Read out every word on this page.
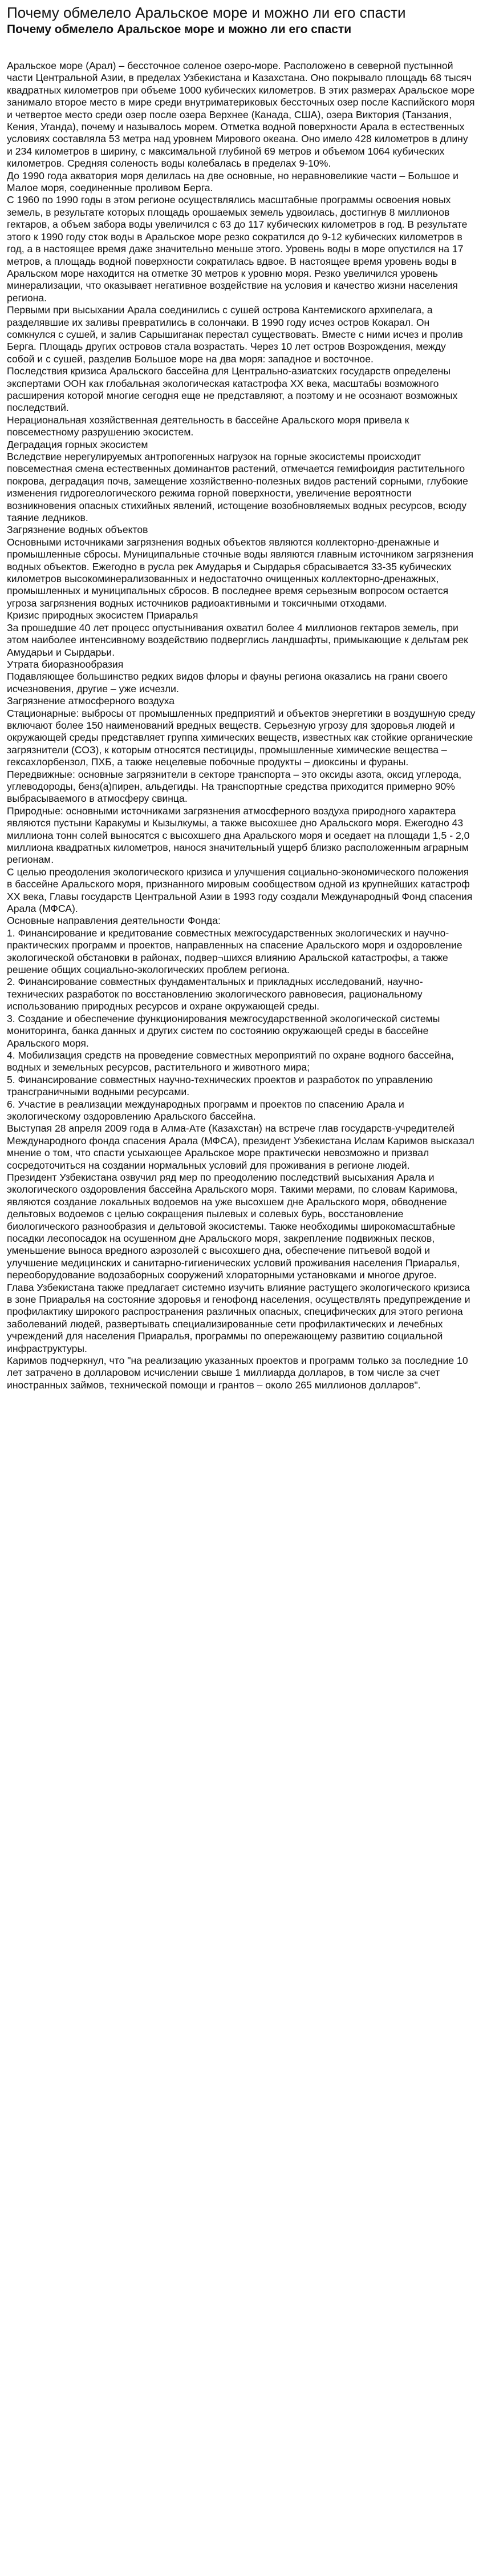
Почему обмелело Аральское море и можно ли его спасти
Почему обмелело Аральское море и можно ли его спасти

Аральское море (Арал) – бессточное соленое озеро-море. Расположено в северной пустынной части Центральной Азии, в пределах Узбекистана и Казахстана. Оно покрывало площадь 68 тысяч квадратных километров при объеме 1000 кубических километров. В этих размерах Аральское море занимало второе место в мире среди внутриматериковых бессточных озер после Каспийского моря и четвертое место среди озер после озера Верхнее (Канада, США), озера Виктория (Танзания, Кения, Уганда), почему и называлось морем. Отметка водной поверхности Арала в естественных условиях составляла 53 метра над уровнем Мирового океана. Оно имело 428 километров в длину и 234 километров в ширину, с максимальной глубиной 69 метров и объемом 1064 кубических километров. Средняя соленость воды колебалась в пределах 9-10%.

До 1990 года акватория моря делилась на две основные, но неравновеликие части – Большое и Малое моря, соединенные проливом Берга.

С 1960 по 1990 годы в этом регионе осуществлялись масштабные программы освоения новых земель, в результате которых площадь орошаемых земель удвоилась, достигнув 8 миллионов гектаров, а объем забора воды увеличился с 63 до 117 кубических километров в год. В результате этого к 1990 году сток воды в Аральское море резко сократился до 9-12 кубических километров в год, а в настоящее время даже значительно меньше этого. Уровень воды в море опустился на 17 метров, а площадь водной поверхности сократилась вдвое. В настоящее время уровень воды в Аральском море находится на отметке 30 метров к уровню моря. Резко увеличился уровень минерализации, что оказывает негативное воздействие на условия и качество жизни населения региона.

Первыми при высыхании Арала соединились с сушей острова Кантемиского архипелага, а разделявшие их заливы превратились в солончаки. В 1990 году исчез остров Кокарал. Он сомкнулся с сушей, и залив Сарышиганак перестал существовать. Вместе с ними исчез и пролив Берга. Площадь других островов стала возрастать. Через 10 лет остров Возрождения, между собой и с сушей, разделив Большое море на два моря: западное и восточное.

Последствия кризиса Аральского бассейна для Центрально-азиатских государств определены экспертами ООН как глобальная экологическая катастрофа XX века, масштабы возможного расширения которой многие сегодня еще не представляют, а поэтому и не осознают возможных последствий.

Нерациональная хозяйственная деятельность в бассейне Аральского моря привела к повсеместному разрушению экосистем.

Деградация горных экосистем

Вследствие нерегулируемых антропогенных нагрузок на горные экосистемы происходит повсеместная смена естественных доминантов растений, отмечается гемифоидия растительного покрова, деградация почв, замещение хозяйственно-полезных видов растений сорными, глубокие изменения гидрогеологического режима горной поверхности, увеличение вероятности возникновения опасных стихийных явлений, истощение возобновляемых водных ресурсов, всюду таяние ледников.

Загрязнение водных объектов

Основными источниками загрязнения водных объектов являются коллекторно-дренажные и промышленные сбросы. Муниципальные сточные воды являются главным источником загрязнения водных объектов. Ежегодно в русла рек Амударья и Сырдарья сбрасывается 33-35 кубических километров высокоминерализованных и недостаточно очищенных коллекторно-дренажных, промышленных и муниципальных сбросов. В последнее время серьезным вопросом остается угроза загрязнения водных источников радиоактивными и токсичными отходами.

Кризис природных экосистем Приаралья

За прошедшие 40 лет процесс опустынивания охватил более 4 миллионов гектаров земель, при этом наиболее интенсивному воздействию подверглись ландшафты, примыкающие к дельтам рек Амударьи и Сырдарьи.

Утрата биоразнообразия

Подавляющее большинство редких видов флоры и фауны региона оказались на грани своего исчезновения, другие – уже исчезли.

Загрязнение атмосферного воздуха

Стационарные: выбросы от промышленных предприятий и объектов энергетики в воздушную среду включают более 150 наименований вредных веществ. Серьезную угрозу для здоровья людей и окружающей среды представляет группа химических веществ, известных как стойкие органические загрязнители (СОЗ), к которым относятся пестициды, промышленные химические вещества – гексахлорбензол, ПХБ, а также нецелевые побочные продукты – диоксины и фураны.

Передвижные: основные загрязнители в секторе транспорта – это оксиды азота, оксид углерода, углеводороды, бенз(а)пирен, альдегиды. На транспортные средства приходится примерно 90% выбрасываемого в атмосферу свинца.

Природные: основными источниками загрязнения атмосферного воздуха природного характера являются пустыни Каракумы и Кызылкумы, а также высохшее дно Аральского моря. Ежегодно 43 миллиона тонн солей выносятся с высохшего дна Аральского моря и оседает на площади 1,5 - 2,0 миллиона квадратных километров, нанося значительный ущерб близко расположенным аграрным регионам.

С целью преодоления экологического кризиса и улучшения социально-экономического положения в бассейне Аральского моря, признанного мировым сообществом одной из крупнейших катастроф XX века, Главы государств Центральной Азии в 1993 году создали Международный Фонд спасения Арала (МФСА).

Основные направления деятельности Фонда:
1. Финансирование и кредитование совместных межгосударственных экологических и научно-практических программ и проектов, направленных на спасение Аральского моря и оздоровление экологической обстановки в районах, подвер¬шихся влиянию Аральской катастрофы, а также решение общих социально-экологических проблем региона.
2. Финансирование совместных фундаментальных и прикладных исследований, научно-технических разработок по восстановлению экологического равновесия, рациональному использованию природных ресурсов и охране окружающей среды.
3. Создание и обеспечение функционирования межгосударственной экологической системы мониторинга, банка данных и других систем по состоянию окружающей среды в бассейне Аральского моря.
4. Мобилизация средств на проведение совместных мероприятий по охране водного бассейна, водных и земельных ресурсов, растительного и животного мира;
5. Финансирование совместных научно-технических проектов и разработок по управлению трансграничными водными ресурсами.
6. Участие в реализации международных программ и проектов по спасению Арала и экологическому оздоровлению Аральского бассейна.

Выступая 28 апреля 2009 года в Алма-Ате (Казахстан) на встрече глав государств-учредителей Международного фонда спасения Арала (МФСА), президент Узбекистана Ислам Каримов высказал мнение о том, что спасти усыхающее Аральское море практически невозможно и призвал сосредоточиться на создании нормальных условий для проживания в регионе людей.

Президент Узбекистана озвучил ряд мер по преодолению последствий высыхания Арала и экологического оздоровления бассейна Аральского моря. Такими мерами, по словам Каримова, являются создание локальных водоемов на уже высохшем дне Аральского моря, обводнение дельтовых водоемов с целью сокращения пылевых и солевых бурь, восстановление биологического разнообразия и дельтовой экосистемы. Также необходимы широкомасштабные посадки лесопосадок на осушенном дне Аральского моря, закрепление подвижных песков, уменьшение выноса вредного аэрозолей с высохшего дна, обеспечение питьевой водой и улучшение медицинских и санитарно-гигиенических условий проживания населения Приаралья, переоборудование водозаборных сооружений хлораторными установками и многое другое.

Глава Узбекистана также предлагает системно изучить влияние растущего экологического кризиса в зоне Приаралья на состояние здоровья и генофонд населения, осуществлять предупреждение и профилактику широкого распространения различных опасных, специфических для этого региона заболеваний людей, развертывать специализированные сети профилактических и лечебных учреждений для населения Приаралья, программы по опережающему развитию социальной инфраструктуры.

Каримов подчеркнул, что "на реализацию указанных проектов и программ только за последние 10 лет затрачено в долларовом исчислении свыше 1 миллиарда долларов, в том числе за счет иностранных займов, технической помощи и грантов – около 265 миллионов долларов".
